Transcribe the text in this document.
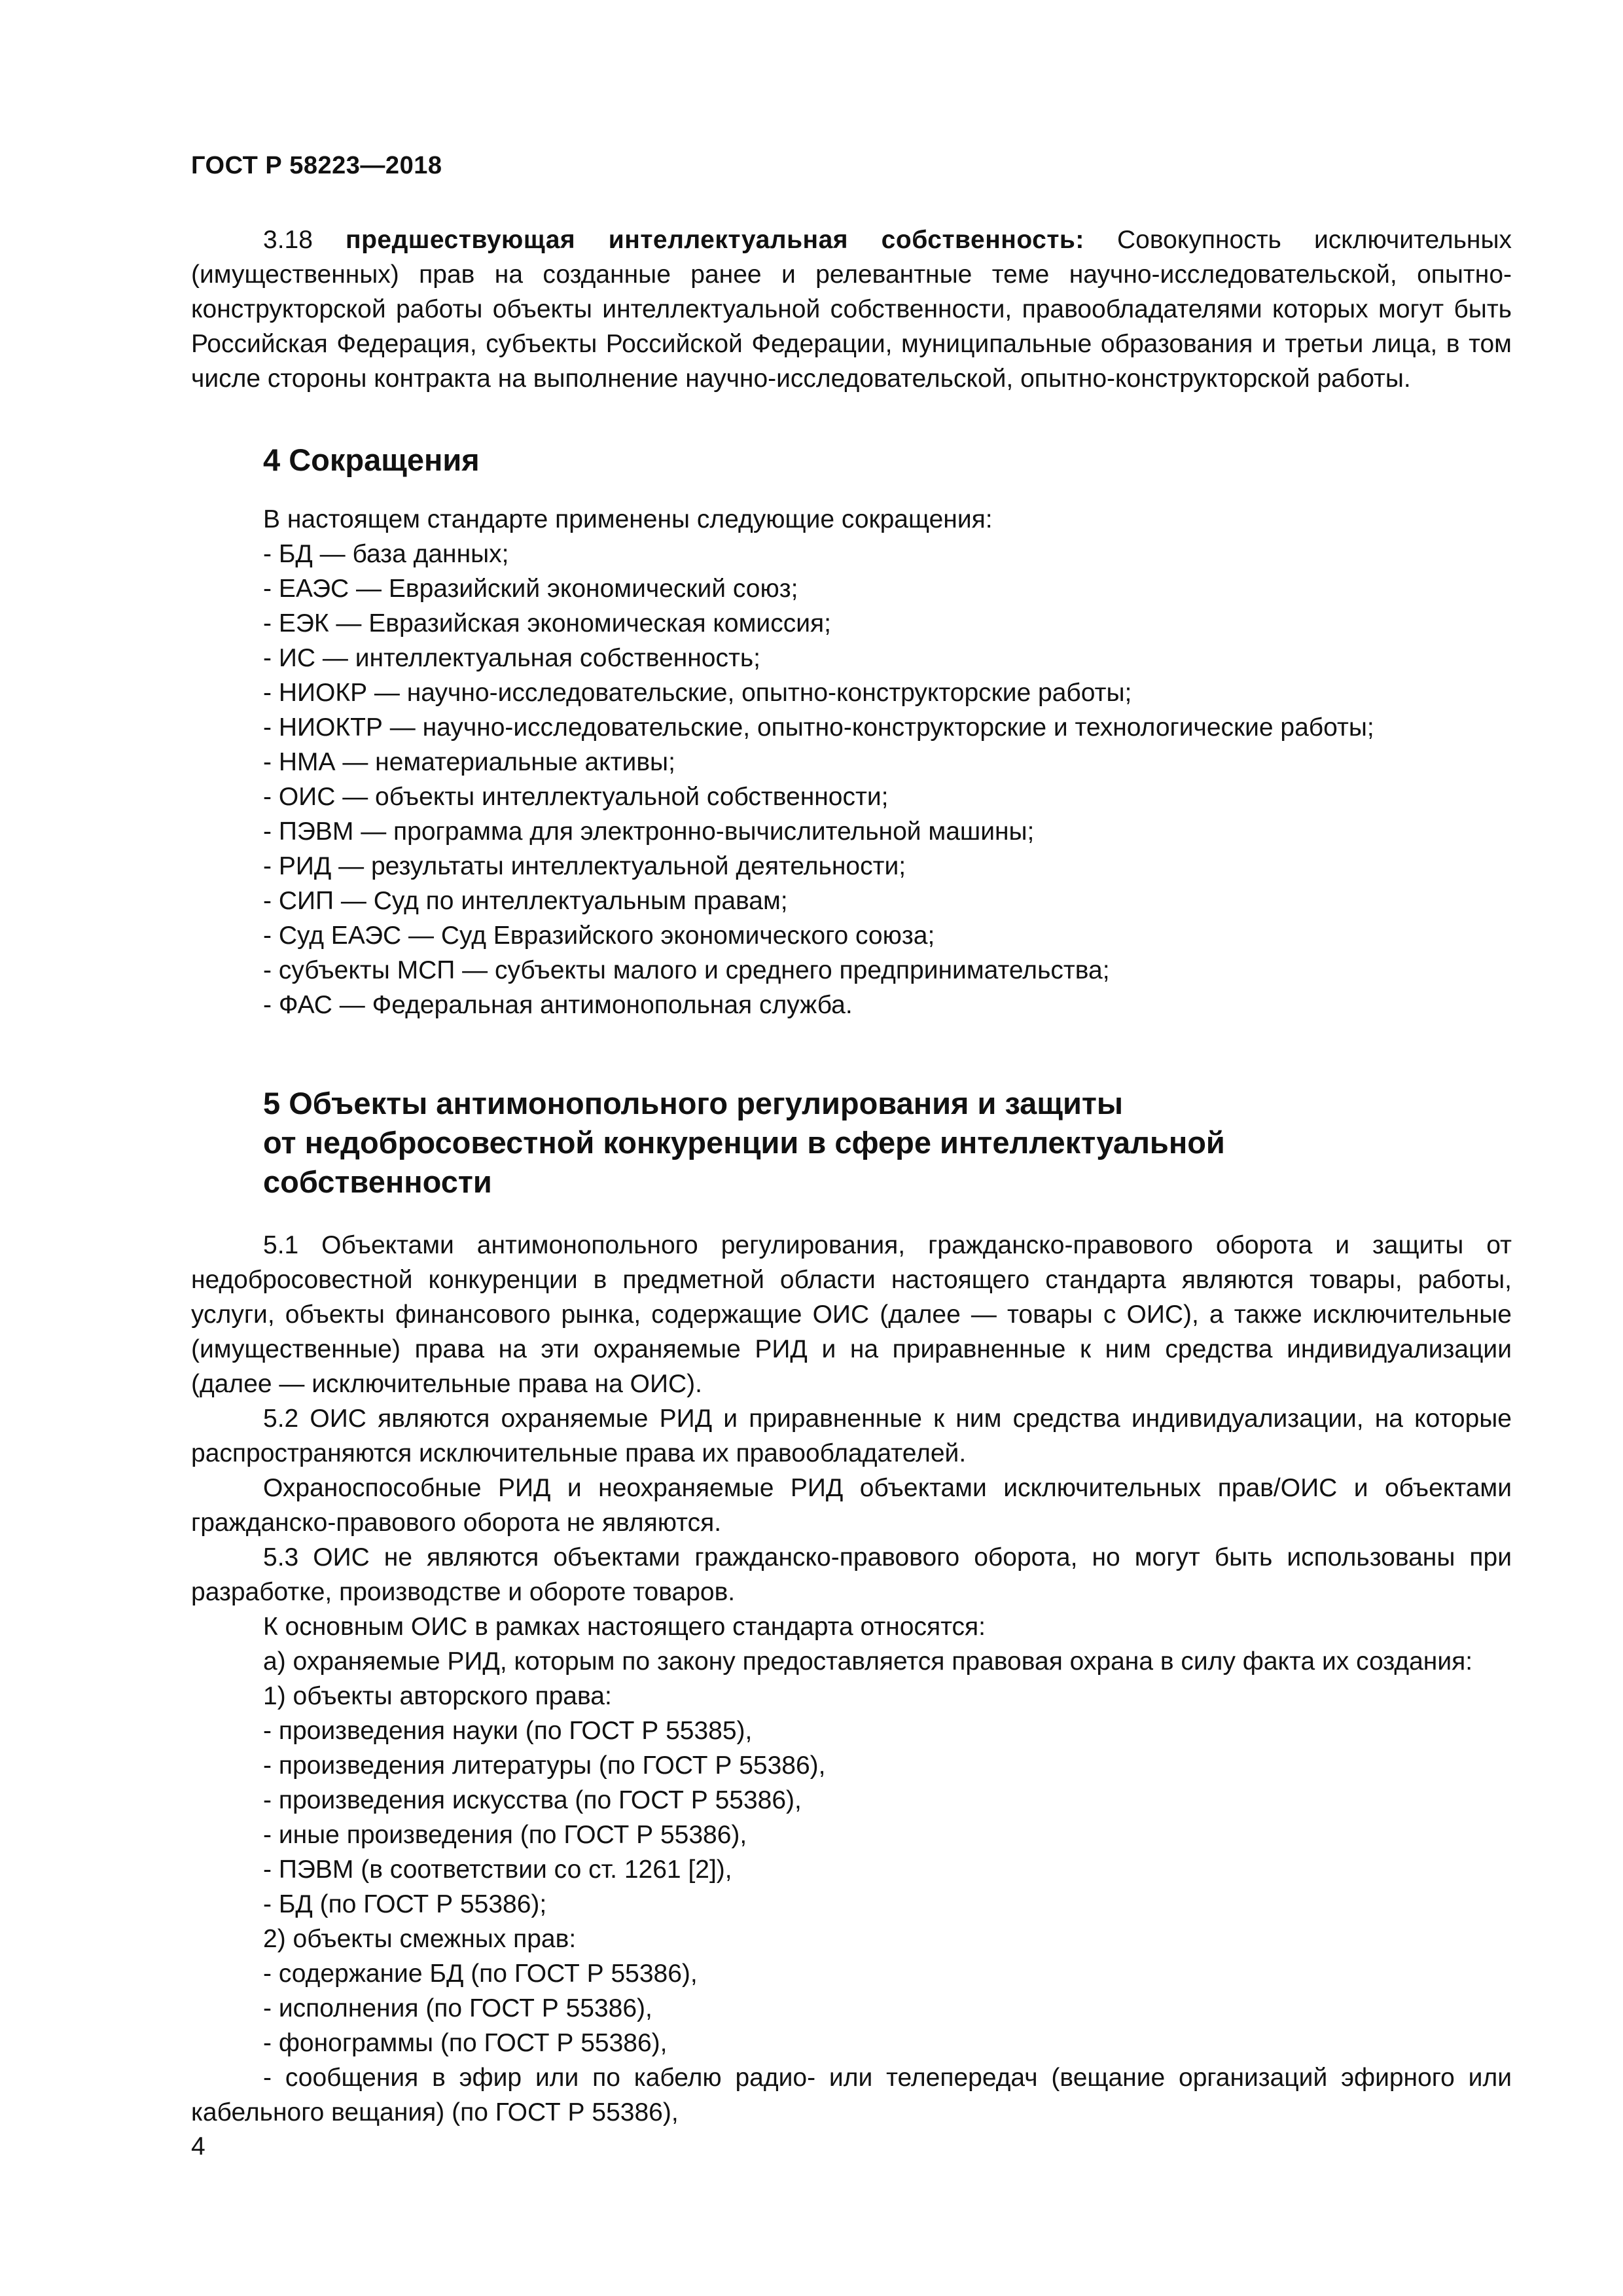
ГОСТ Р 58223—2018

3.18 предшествующая интеллектуальная собственность: Совокупность исключительных (имущественных) прав на созданные ранее и релевантные теме научно-исследовательской, опытно-конструкторской работы объекты интеллектуальной собственности, правообладателями которых могут быть Российская Федерация, субъекты Российской Федерации, муниципальные образования и третьи лица, в том числе стороны контракта на выполнение научно-исследовательской, опытно-конструкторской работы.

4 Сокращения

В настоящем стандарте применены следующие сокращения:

- БД — база данных;
- ЕАЭС — Евразийский экономический союз;
- ЕЭК — Евразийская экономическая комиссия;
- ИС — интеллектуальная собственность;
- НИОКР — научно-исследовательские, опытно-конструкторские работы;
- НИОКТР — научно-исследовательские, опытно-конструкторские и технологические работы;
- НМА — нематериальные активы;
- ОИС — объекты интеллектуальной собственности;
- ПЭВМ — программа для электронно-вычислительной машины;
- РИД — результаты интеллектуальной деятельности;
- СИП — Суд по интеллектуальным правам;
- Суд ЕАЭС — Суд Евразийского экономического союза;
- субъекты МСП — субъекты малого и среднего предпринимательства;
- ФАС — Федеральная антимонопольная служба.
5 Объекты антимонопольного регулирования и защиты
от недобросовестной конкуренции в сфере интеллектуальной
собственности

5.1 Объектами антимонопольного регулирования, гражданско-правового оборота и защиты от недобросовестной конкуренции в предметной области настоящего стандарта являются товары, работы, услуги, объекты финансового рынка, содержащие ОИС (далее — товары с ОИС), а также исключительные (имущественные) права на эти охраняемые РИД и на приравненные к ним средства индивидуализации (далее — исключительные права на ОИС).

5.2 ОИС являются охраняемые РИД и приравненные к ним средства индивидуализации, на которые распространяются исключительные права их правообладателей.

Охраноспособные РИД и неохраняемые РИД объектами исключительных прав/ОИС и объектами гражданско-правового оборота не являются.

5.3 ОИС не являются объектами гражданско-правового оборота, но могут быть использованы при разработке, производстве и обороте товаров.

К основным ОИС в рамках настоящего стандарта относятся:

а) охраняемые РИД, которым по закону предоставляется правовая охрана в силу факта их создания:

1) объекты авторского права:

- произведения науки (по ГОСТ Р 55385),
- произведения литературы (по ГОСТ Р 55386),
- произведения искусства (по ГОСТ Р 55386),
- иные произведения (по ГОСТ Р 55386),
- ПЭВМ (в соответствии со ст. 1261 [2]),
- БД (по ГОСТ Р 55386);

2) объекты смежных прав:

- содержание БД (по ГОСТ Р 55386),
- исполнения (по ГОСТ Р 55386),
- фонограммы (по ГОСТ Р 55386),

- сообщения в эфир или по кабелю радио- или телепередач (вещание организаций эфирного или кабельного вещания) (по ГОСТ Р 55386),

4
